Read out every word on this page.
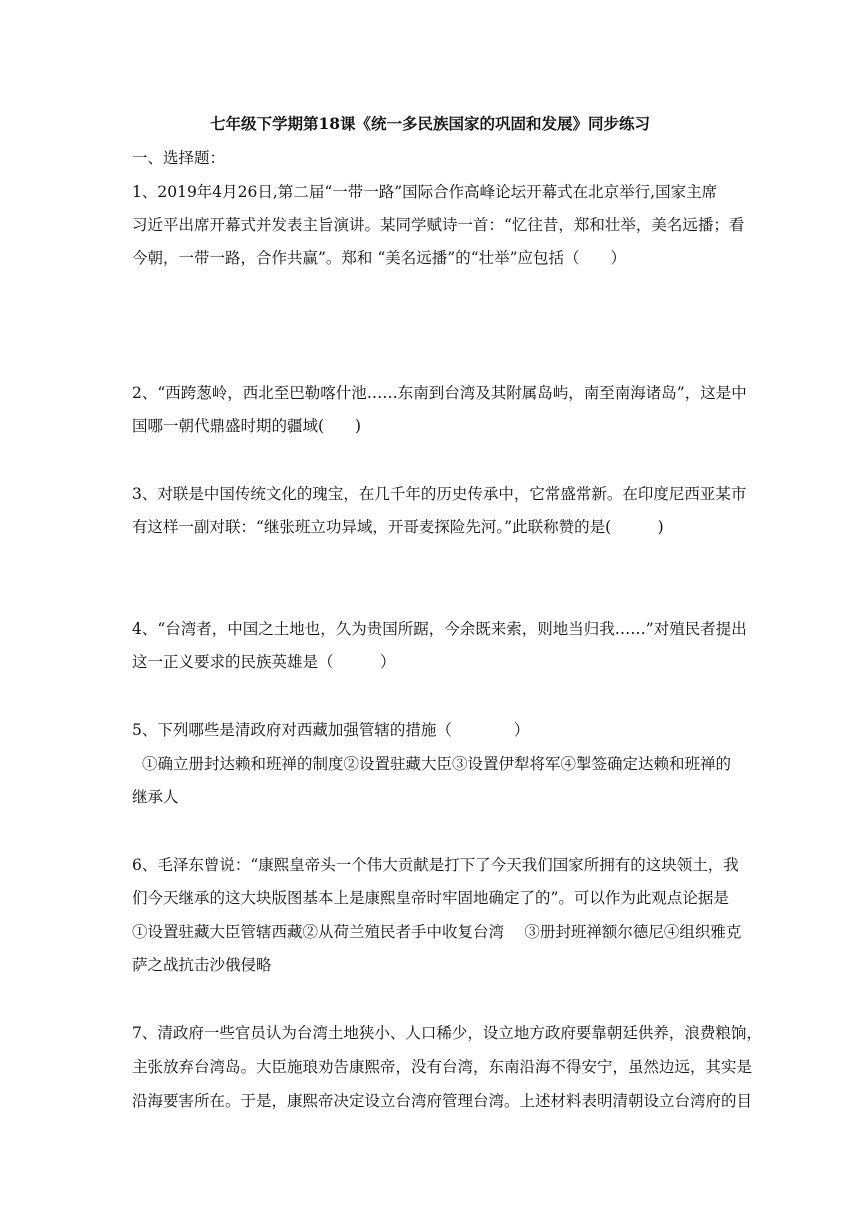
七年级下学期第18课《统一多民族国家的巩固和发展》同步练习
一、选择题：
1、2019年4月26日,第二届“一带一路”国际合作高峰论坛开幕式在北京举行,国家主席
习近平出席开幕式并发表主旨演讲。某同学赋诗一首：“忆往昔，郑和壮举，美名远播；看
今朝，一带一路，合作共赢”。郑和 “美名远播”的“壮举”应包括（　　）
2、“西跨葱岭，西北至巴勒喀什池……东南到台湾及其附属岛屿，南至南海诸岛”，这是中
国哪一朝代鼎盛时期的疆域(　　)
3、对联是中国传统文化的瑰宝，在几千年的历史传承中，它常盛常新。在印度尼西亚某市
有这样一副对联：“继张班立功异域，开哥麦探险先河。”此联称赞的是(　　　)
4、“台湾者，中国之土地也，久为贵国所踞，今余既来索，则地当归我……”对殖民者提出
这一正义要求的民族英雄是（　　　）
5、下列哪些是清政府对西藏加强管辖的措施（　　　　）
①确立册封达赖和班禅的制度②设置驻藏大臣③设置伊犁将军④掣签确定达赖和班禅的
继承人
6、毛泽东曾说：“康熙皇帝头一个伟大贡献是打下了今天我们国家所拥有的这块领土，我
们今天继承的这大块版图基本上是康熙皇帝时牢固地确定了的”。可以作为此观点论据是
①设置驻藏大臣管辖西藏②从荷兰殖民者手中收复台湾　 ③册封班禅额尔德尼④组织雅克
萨之战抗击沙俄侵略
7、清政府一些官员认为台湾土地狭小、人口稀少，设立地方政府要靠朝廷供养，浪费粮饷，
主张放弃台湾岛。大臣施琅劝告康熙帝，没有台湾，东南沿海不得安宁，虽然边远，其实是
沿海要害所在。于是，康熙帝决定设立台湾府管理台湾。上述材料表明清朝设立台湾府的目
